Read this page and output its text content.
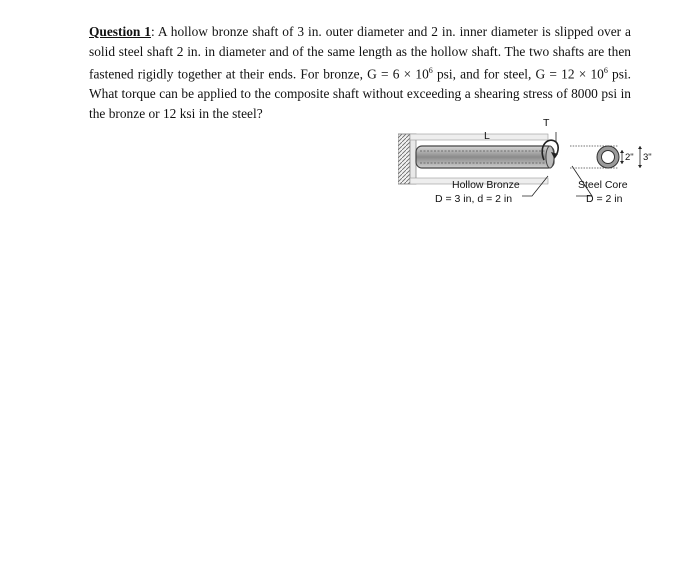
Question 1: A hollow bronze shaft of 3 in. outer diameter and 2 in. inner diameter is slipped over a solid steel shaft 2 in. in diameter and of the same length as the hollow shaft. The two shafts are then fastened rigidly together at their ends. For bronze, $G = 6 \times 10^6$ psi, and for steel, $G = 12 \times 10^6$ psi. What torque can be applied to the composite shaft without exceeding a shearing stress of 8000 psi in the bronze or 12 ksi in the steel?
L
T
2" 3"
Hollow Bronze
D = 3 in, d = 2 in
Steel Core
D = 2 in
